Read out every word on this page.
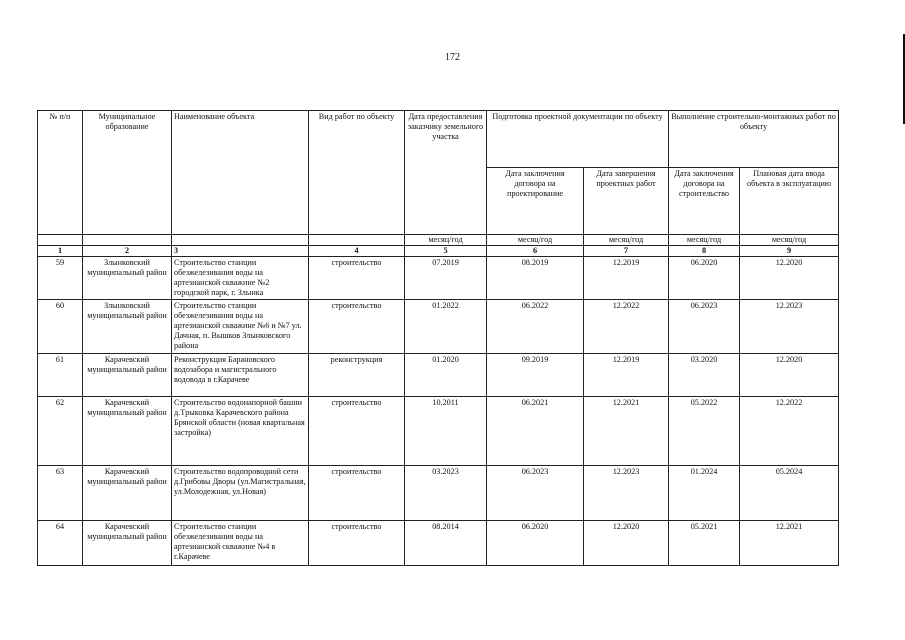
172
№ п/п	Муниципальное образование	Наименование объекта	Вид работ по объекту	Дата предоставления заказчику земельного участка	Подготовка проектной документации по объекту		Выполнение строительно-монтажных работ по объекту	
					Дата заключения договора на проектирование	Дата завершения проектных работ	Дата заключения договора на строительство	Плановая дата ввода объекта в эксплуатацию
				месяц/год	месяц/год	месяц/год	месяц/год	месяц/год
1	2	3	4	5	6	7	8	9
59	Злынковский муниципальный район	Строительство станции обезжелезивания воды на артезианской скважине №2 городской парк, г. Злынка	строительство	07.2019	08.2019	12.2019	06.2020	12.2020
60	Злынковский муниципальный район	Строительство станции обезжелезивания воды на артезианской скважине №6 и №7 ул. Дачная, п. Вышков Злынковского района	строительство	01.2022	06.2022	12.2022	06.2023	12.2023
61	Карачевский муниципальный район	Реконструкция Барановского водозабора и магистрального водовода в г.Карачеве	реконструкция	01.2020	09.2019	12.2019	03.2020	12.2020
62	Карачевский муниципальный район	Строительство водонапорной башни д.Тpыковка Карачевского района Брянской области (новая квартальная застройка)	строительство	10.2011	06.2021	12.2021	05.2022	12.2022
63	Карачевский муниципальный район	Строительство водопроводной сети д.Грибовы Дворы (ул.Магистральная, ул.Молодежная, ул.Новая)	строительство	03.2023	06.2023	12.2023	01.2024	05.2024
64	Карачевский муниципальный район	Строительство станции обезжелезивания воды на артезианской скважине №4 в г.Карачеве	строительство	08.2014	06.2020	12.2020	05.2021	12.2021
